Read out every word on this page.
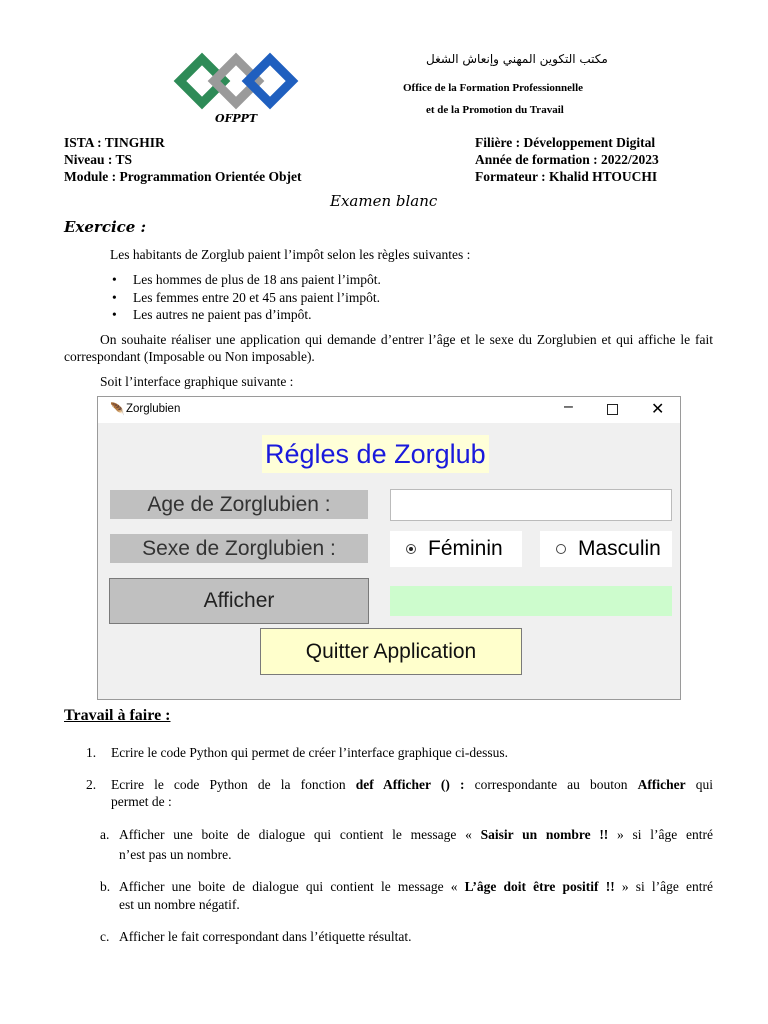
OFPPT
مكتب التكوين المهني وإنعاش الشغل
Office de la Formation Professionnelle
et de la Promotion du Travail
ISTA : TINGHIR
Niveau : TS
Module : Programmation Orientée Objet
Filière : Développement Digital
Année de formation : 2022/2023
Formateur : Khalid HTOUCHI
Examen blanc
Exercice :
Les habitants de Zorglub paient l’impôt selon les règles suivantes :
•	Les hommes de plus de 18 ans paient l’impôt.
•	Les femmes entre 20 et 45 ans paient l’impôt.
•	Les autres ne paient pas d’impôt.
On souhaite réaliser une application qui demande d’entrer l’âge et le sexe du Zorglubien et qui affiche le fait correspondant (Imposable ou Non imposable).
Soit l’interface graphique suivante :
🪶 Zorglubien	–	✕
Régles de Zorglub
Age de Zorglubien :
Sexe de Zorglubien :	Féminin	Masculin
Afficher
Quitter Application
Travail à faire :
1. Ecrire le code Python qui permet de créer l’interface graphique ci-dessus.
2.	Ecrire le code Python de la fonction def Afficher () : correspondante au bouton Afficher qui
permet de :
a. Afficher une boite de dialogue qui contient le message « Saisir un nombre !! » si l’âge entré
n’est pas un nombre.
b. Afficher une boite de dialogue qui contient le message « L’âge doit être positif !! » si l’âge entré
est un nombre négatif.
c. Afficher le fait correspondant dans l’étiquette résultat.
